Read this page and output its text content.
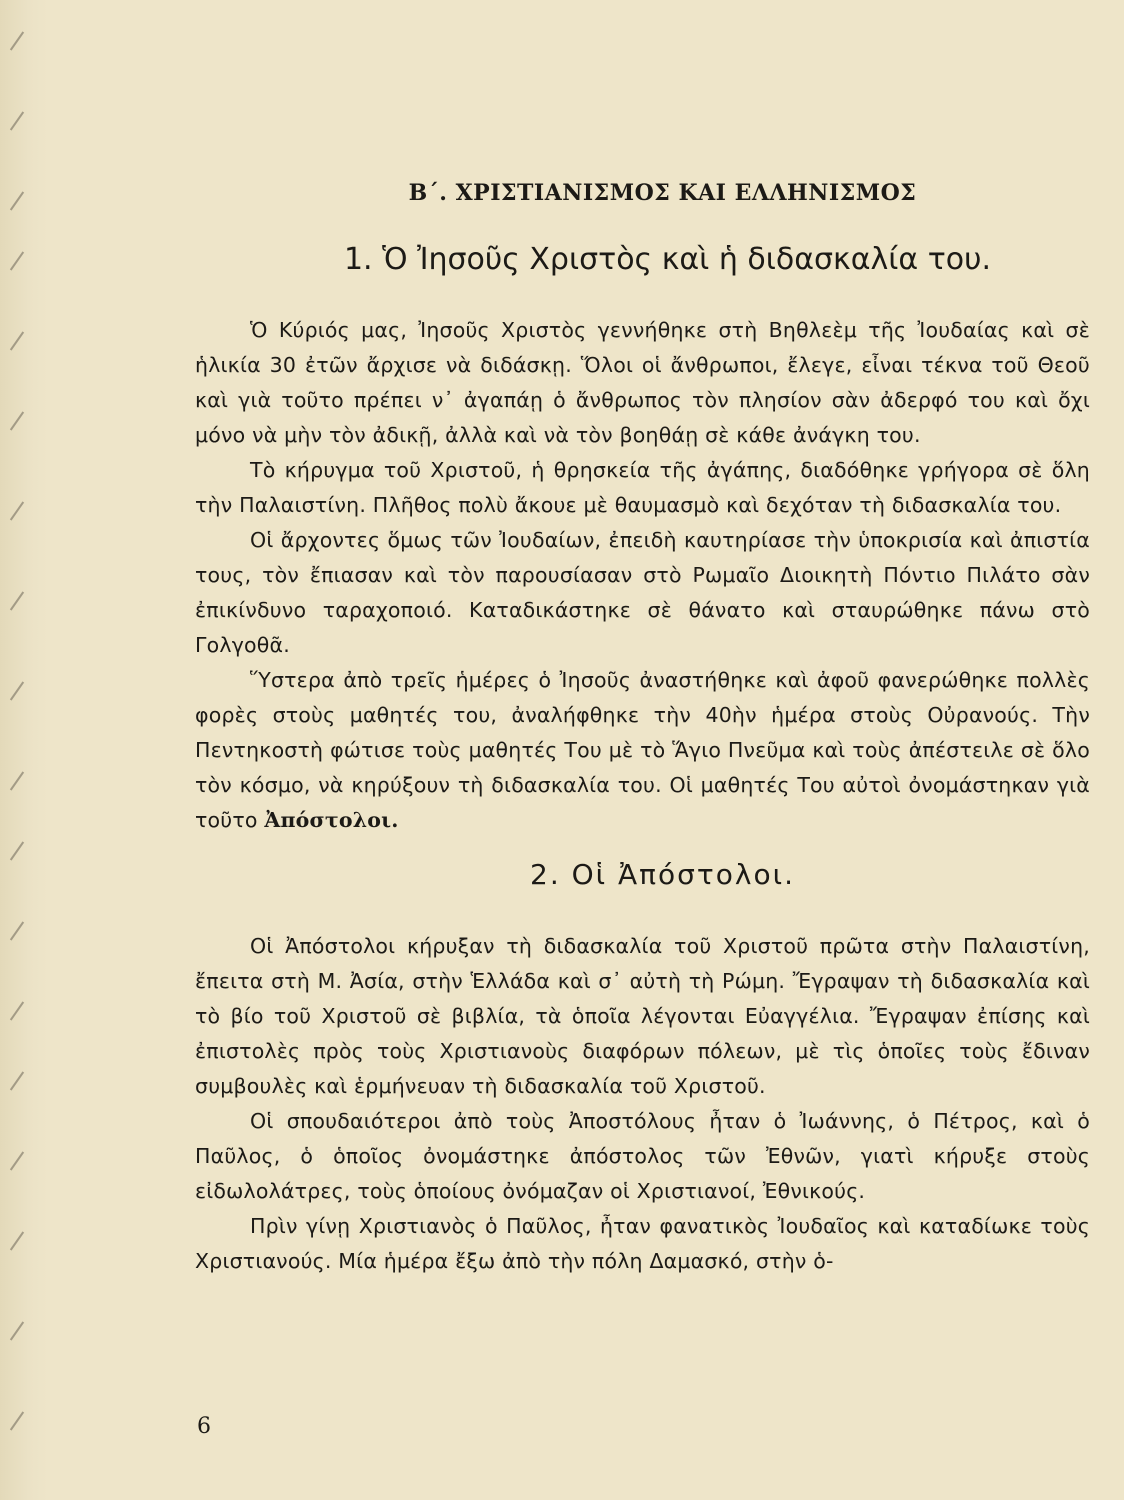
Β΄. ΧΡΙΣΤΙΑΝΙΣΜΟΣ ΚΑΙ ΕΛΛΗΝΙΣΜΟΣ
1. Ὁ Ἰησοῦς Χριστὸς καὶ ἡ διδασκαλία του.

Ὁ Κύριός μας, Ἰησοῦς Χριστὸς γεννήθηκε στὴ Βηθλεὲμ τῆς Ἰουδαίας καὶ σὲ ἡλικία 30 ἐτῶν ἄρχισε νὰ διδάσκῃ. Ὅλοι οἱ ἄνθρωποι, ἔλεγε, εἶναι τέκνα τοῦ Θεοῦ καὶ γιὰ τοῦτο πρέπει ν᾽ ἀγαπάῃ ὁ ἄνθρωπος τὸν πλησίον σὰν ἀδερφό του καὶ ὄχι μόνο νὰ μὴν τὸν ἀδικῇ, ἀλλὰ καὶ νὰ τὸν βοηθάῃ σὲ κάθε ἀνάγκη του.

Τὸ κήρυγμα τοῦ Χριστοῦ, ἡ θρησκεία τῆς ἀγάπης, διαδόθηκε γρήγορα σὲ ὅλη τὴν Παλαιστίνη. Πλῆθος πολὺ ἄκουε μὲ θαυμασμὸ καὶ δεχόταν τὴ διδασκαλία του.

Οἱ ἄρχοντες ὅμως τῶν Ἰουδαίων, ἐπειδὴ καυτηρίασε τὴν ὑποκρισία καὶ ἀπιστία τους, τὸν ἔπιασαν καὶ τὸν παρουσίασαν στὸ Ρωμαῖο Διοικητὴ Πόντιο Πιλάτο σὰν ἐπικίνδυνο ταραχοποιό. Καταδικάστηκε σὲ θάνατο καὶ σταυρώθηκε πάνω στὸ Γολγοθᾶ.

Ὕστερα ἀπὸ τρεῖς ἡμέρες ὁ Ἰησοῦς ἀναστήθηκε καὶ ἀφοῦ φανερώθηκε πολλὲς φορὲς στοὺς μαθητές του, ἀναλήφθηκε τὴν 40ὴν ἡμέρα στοὺς Οὐρανούς. Τὴν Πεντηκοστὴ φώτισε τοὺς μαθητές Του μὲ τὸ Ἅγιο Πνεῦμα καὶ τοὺς ἀπέστειλε σὲ ὅλο τὸν κόσμο, νὰ κηρύξουν τὴ διδασκαλία του. Οἱ μαθητές Του αὐτοὶ ὀνομάστηκαν γιὰ τοῦτο Ἀπόστολοι.

2. Οἱ Ἀπόστολοι.

Οἱ Ἀπόστολοι κήρυξαν τὴ διδασκαλία τοῦ Χριστοῦ πρῶτα στὴν Παλαιστίνη, ἔπειτα στὴ Μ. Ἀσία, στὴν Ἑλλάδα καὶ σ᾽ αὐτὴ τὴ Ρώμη. Ἔγραψαν τὴ διδασκαλία καὶ τὸ βίο τοῦ Χριστοῦ σὲ βιβλία, τὰ ὁποῖα λέγονται Εὐαγγέλια. Ἔγραψαν ἐπίσης καὶ ἐπιστολὲς πρὸς τοὺς Χριστιανοὺς διαφόρων πόλεων, μὲ τὶς ὁποῖες τοὺς ἔδιναν συμβουλὲς καὶ ἑρμήνευαν τὴ διδασκαλία τοῦ Χριστοῦ.

Οἱ σπουδαιότεροι ἀπὸ τοὺς Ἀποστόλους ἦταν ὁ Ἰωάννης, ὁ Πέτρος, καὶ ὁ Παῦλος, ὁ ὁποῖος ὀνομάστηκε ἀπόστολος τῶν Ἐθνῶν, γιατὶ κήρυξε στοὺς εἰδωλολάτρες, τοὺς ὁποίους ὀνόμαζαν οἱ Χριστιανοί, Ἐθνικούς.

Πρὶν γίνῃ Χριστιανὸς ὁ Παῦλος, ἦταν φανατικὸς Ἰουδαῖος καὶ καταδίωκε τοὺς Χριστιανούς. Μία ἡμέρα ἔξω ἀπὸ τὴν πόλη Δαμασκό, στὴν ὁ-

6
